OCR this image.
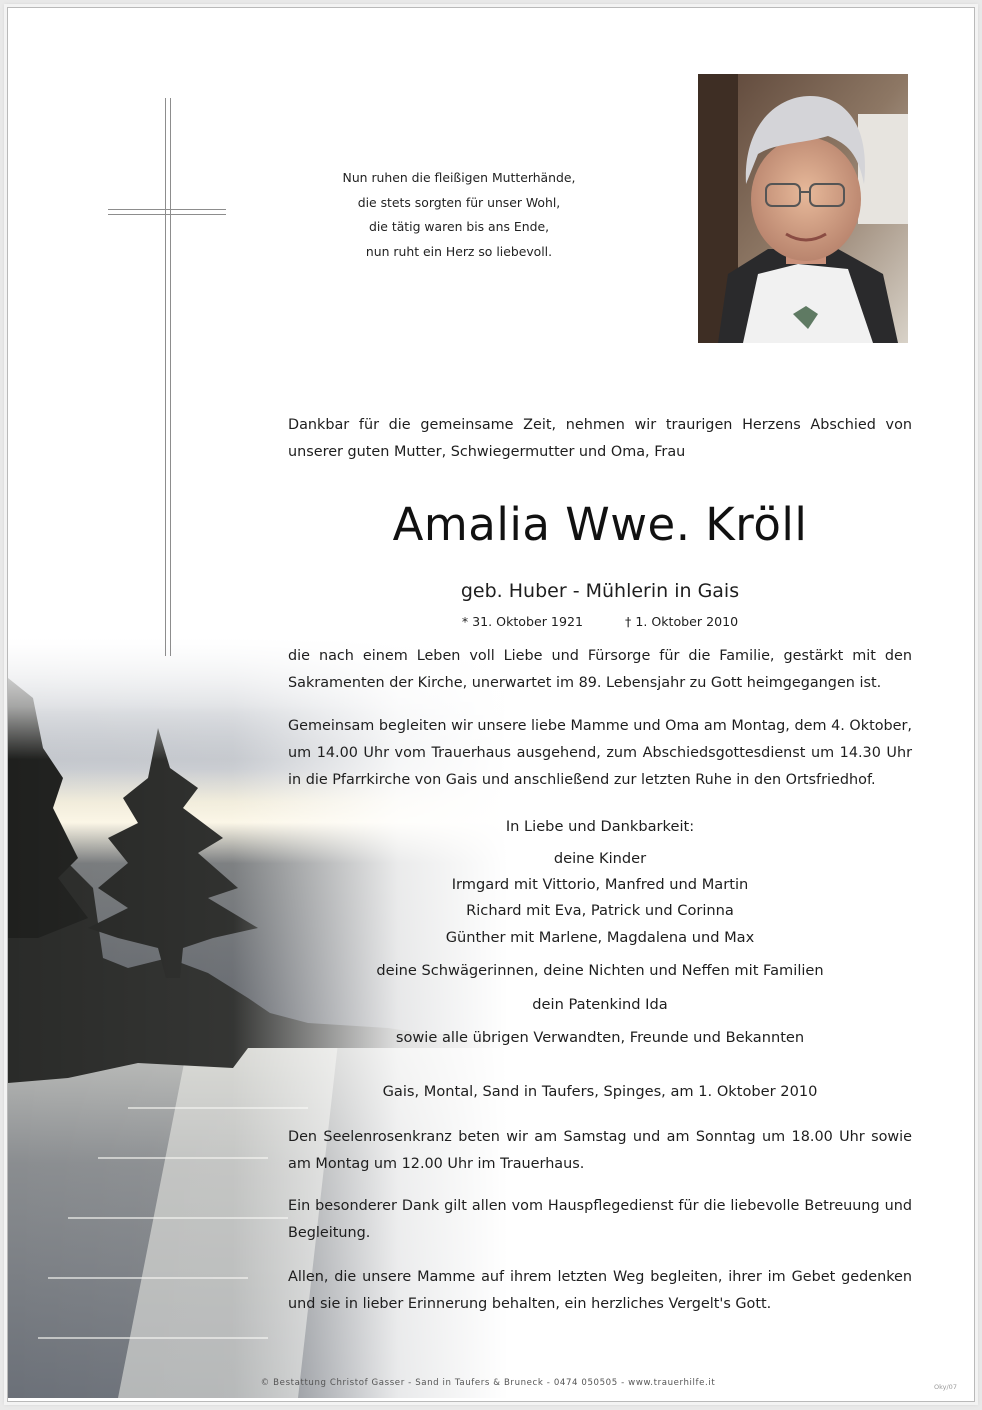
Nun ruhen die fleißigen Mutterhände,
die stets sorgten für unser Wohl,
die tätig waren bis ans Ende,
nun ruht ein Herz so liebevoll.
Dankbar für die gemeinsame Zeit, nehmen wir traurigen Herzens Abschied von unserer guten Mutter, Schwiegermutter und Oma, Frau
Amalia Wwe. Kröll
geb. Huber - Mühlerin in Gais
* 31. Oktober 1921	† 1. Oktober 2010
die nach einem Leben voll Liebe und Fürsorge für die Familie, gestärkt mit den Sakramenten der Kirche, unerwartet im 89. Lebensjahr zu Gott heimgegangen ist.
Gemeinsam begleiten wir unsere liebe Mamme und Oma am Montag, dem 4. Oktober, um 14.00 Uhr vom Trauerhaus ausgehend, zum Abschiedsgottesdienst um 14.30 Uhr in die Pfarrkirche von Gais und anschließend zur letzten Ruhe in den Ortsfriedhof.
In Liebe und Dankbarkeit:
deine Kinder
Irmgard mit Vittorio, Manfred und Martin
Richard mit Eva, Patrick und Corinna
Günther mit Marlene, Magdalena und Max
deine Schwägerinnen, deine Nichten und Neffen mit Familien
dein Patenkind Ida
sowie alle übrigen Verwandten, Freunde und Bekannten
Gais, Montal, Sand in Taufers, Spinges, am 1. Oktober 2010
Den Seelenrosenkranz beten wir am Samstag und am Sonntag um 18.00 Uhr sowie am Montag um 12.00 Uhr im Trauerhaus.
Ein besonderer Dank gilt allen vom Hauspflegedienst für die liebevolle Betreuung und Begleitung.
Allen, die unsere Mamme auf ihrem letzten Weg begleiten, ihrer im Gebet gedenken und sie in lieber Erinnerung behalten, ein herzliches Vergelt's Gott.
© Bestattung Christof Gasser - Sand in Taufers & Bruneck - 0474 050505 - www.trauerhilfe.it	Oky/07
